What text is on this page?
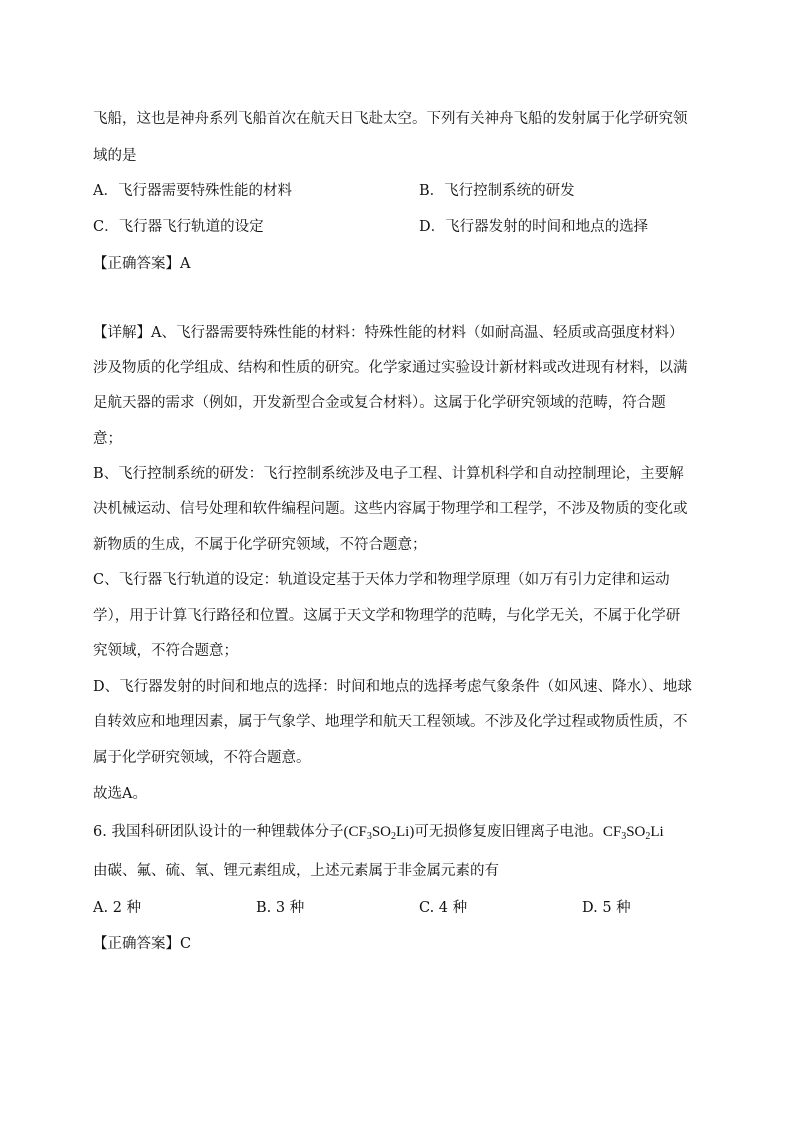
飞船，这也是神舟系列飞船首次在航天日飞赴太空。下列有关神舟飞船的发射属于化学研究领
域的是
A．飞行器需要特殊性能的材料	B．飞行控制系统的研发
C．飞行器飞行轨道的设定	D．飞行器发射的时间和地点的选择
【正确答案】A
【详解】A、飞行器需要特殊性能的材料：特殊性能的材料（如耐高温、轻质或高强度材料）
涉及物质的化学组成、结构和性质的研究。化学家通过实验设计新材料或改进现有材料，以满
足航天器的需求（例如，开发新型合金或复合材料）。这属于化学研究领域的范畴，符合题
意；
B、飞行控制系统的研发：飞行控制系统涉及电子工程、计算机科学和自动控制理论，主要解
决机械运动、信号处理和软件编程问题。这些内容属于物理学和工程学，不涉及物质的变化或
新物质的生成，不属于化学研究领域，不符合题意；
C、飞行器飞行轨道的设定：轨道设定基于天体力学和物理学原理（如万有引力定律和运动
学），用于计算飞行路径和位置。这属于天文学和物理学的范畴，与化学无关，不属于化学研
究领域，不符合题意；
D、飞行器发射的时间和地点的选择：时间和地点的选择考虑气象条件（如风速、降水）、地球
自转效应和地理因素，属于气象学、地理学和航天工程领域。不涉及化学过程或物质性质，不
属于化学研究领域，不符合题意。
故选A。
6. 我国科研团队设计的一种锂载体分子$(CF_3SO_2Li)$可无损修复废旧锂离子电池。$CF_3SO_2Li$
由碳、氟、硫、氧、锂元素组成，上述元素属于非金属元素的有
A. 2 种	B. 3 种	C. 4 种	D. 5 种
【正确答案】C
